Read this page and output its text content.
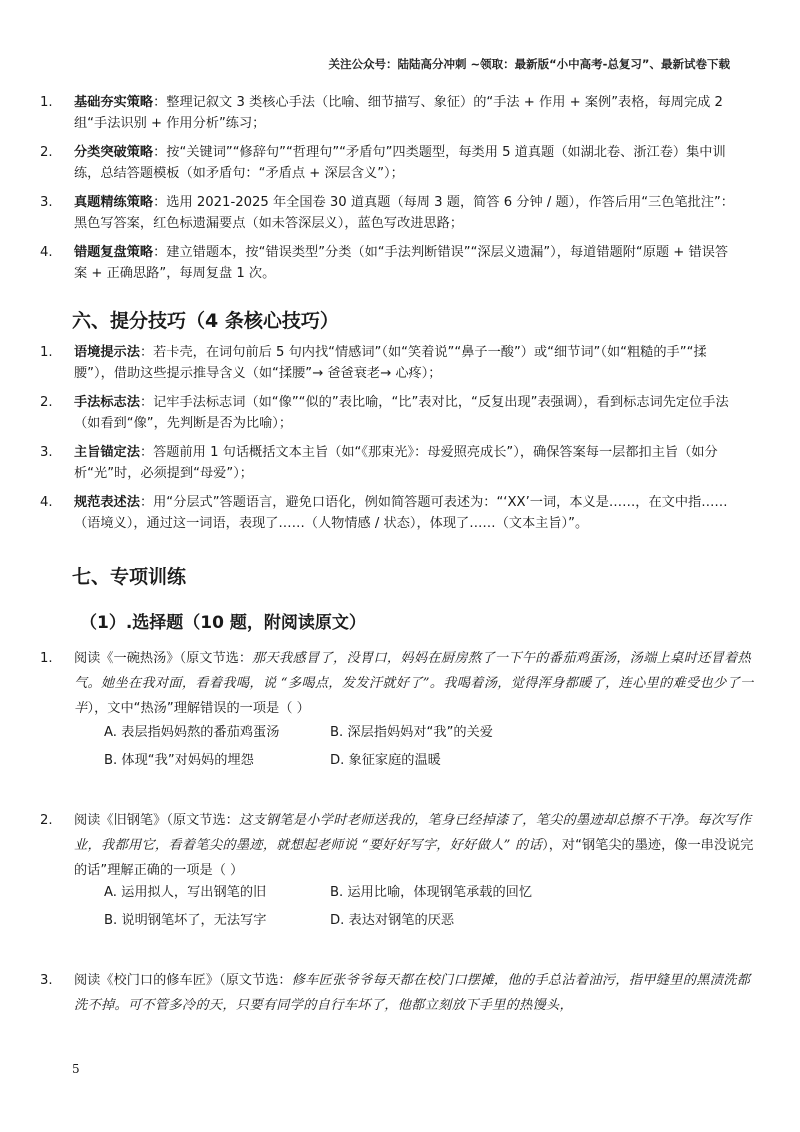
关注公众号：陆陆高分冲刺 ~领取：最新版“小中高考-总复习”、最新试卷下载
1. 基础夯实策略：整理记叙文 3 类核心手法（比喻、细节描写、象征）的“手法 + 作用 + 案例”表格，每周完成 2 组“手法识别 + 作用分析”练习；
2. 分类突破策略：按“关键词”“修辞句”“哲理句”“矛盾句”四类题型，每类用 5 道真题（如湖北卷、浙江卷）集中训练，总结答题模板（如矛盾句：“矛盾点 + 深层含义”）；
3. 真题精练策略：选用 2021-2025 年全国卷 30 道真题（每周 3 题，简答 6 分钟 / 题），作答后用“三色笔批注”：黑色写答案，红色标遗漏要点（如未答深层义），蓝色写改进思路；
4. 错题复盘策略：建立错题本，按“错误类型”分类（如“手法判断错误”“深层义遗漏”），每道错题附“原题 + 错误答案 + 正确思路”，每周复盘 1 次。
六、提分技巧（4 条核心技巧）
1. 语境提示法：若卡壳，在词句前后 5 句内找“情感词”（如“笑着说”“鼻子一酸”）或“细节词”（如“粗糙的手”“揉腰”），借助这些提示推导含义（如“揉腰”→ 爸爸衰老→ 心疼）；
2. 手法标志法：记牢手法标志词（如“像”“似的”表比喻，“比”表对比，“反复出现”表强调），看到标志词先定位手法（如看到“像”，先判断是否为比喻）；
3. 主旨锚定法：答题前用 1 句话概括文本主旨（如“《那束光》：母爱照亮成长”），确保答案每一层都扣主旨（如分析“光”时，必须提到“母爱”）；
4. 规范表述法：用“分层式”答题语言，避免口语化，例如简答题可表述为：“‘XX’一词，本义是……，在文中指……（语境义），通过这一词语，表现了……（人物情感 / 状态），体现了……（文本主旨）”。
七、专项训练
（1）.选择题（10 题，附阅读原文）
1. 阅读《一碗热汤》（原文节选：那天我感冒了，没胃口，妈妈在厨房熬了一下午的番茄鸡蛋汤，汤端上桌时还冒着热气。她坐在我对面，看着我喝，说 “多喝点，发发汗就好了”。我喝着汤，觉得浑身都暖了，连心里的难受也少了一半），文中“热汤”理解错误的一项是（ ）
A. 表层指妈妈熬的番茄鸡蛋汤	B. 深层指妈妈对“我”的关爱
B. 体现“我”对妈妈的埋怨	D. 象征家庭的温暖
2. 阅读《旧钢笔》（原文节选：这支钢笔是小学时老师送我的，笔身已经掉漆了，笔尖的墨迹却总擦不干净。每次写作业，我都用它，看着笔尖的墨迹，就想起老师说 “要好好写字，好好做人” 的话），对“钢笔尖的墨迹，像一串没说完的话”理解正确的一项是（ ）
A. 运用拟人，写出钢笔的旧	B. 运用比喻，体现钢笔承载的回忆
B. 说明钢笔坏了，无法写字	D. 表达对钢笔的厌恶
3. 阅读《校门口的修车匠》（原文节选：修车匠张爷爷每天都在校门口摆摊，他的手总沾着油污，指甲缝里的黑渍洗都洗不掉。可不管多冷的天，只要有同学的自行车坏了，他都立刻放下手里的热馒头，
5
